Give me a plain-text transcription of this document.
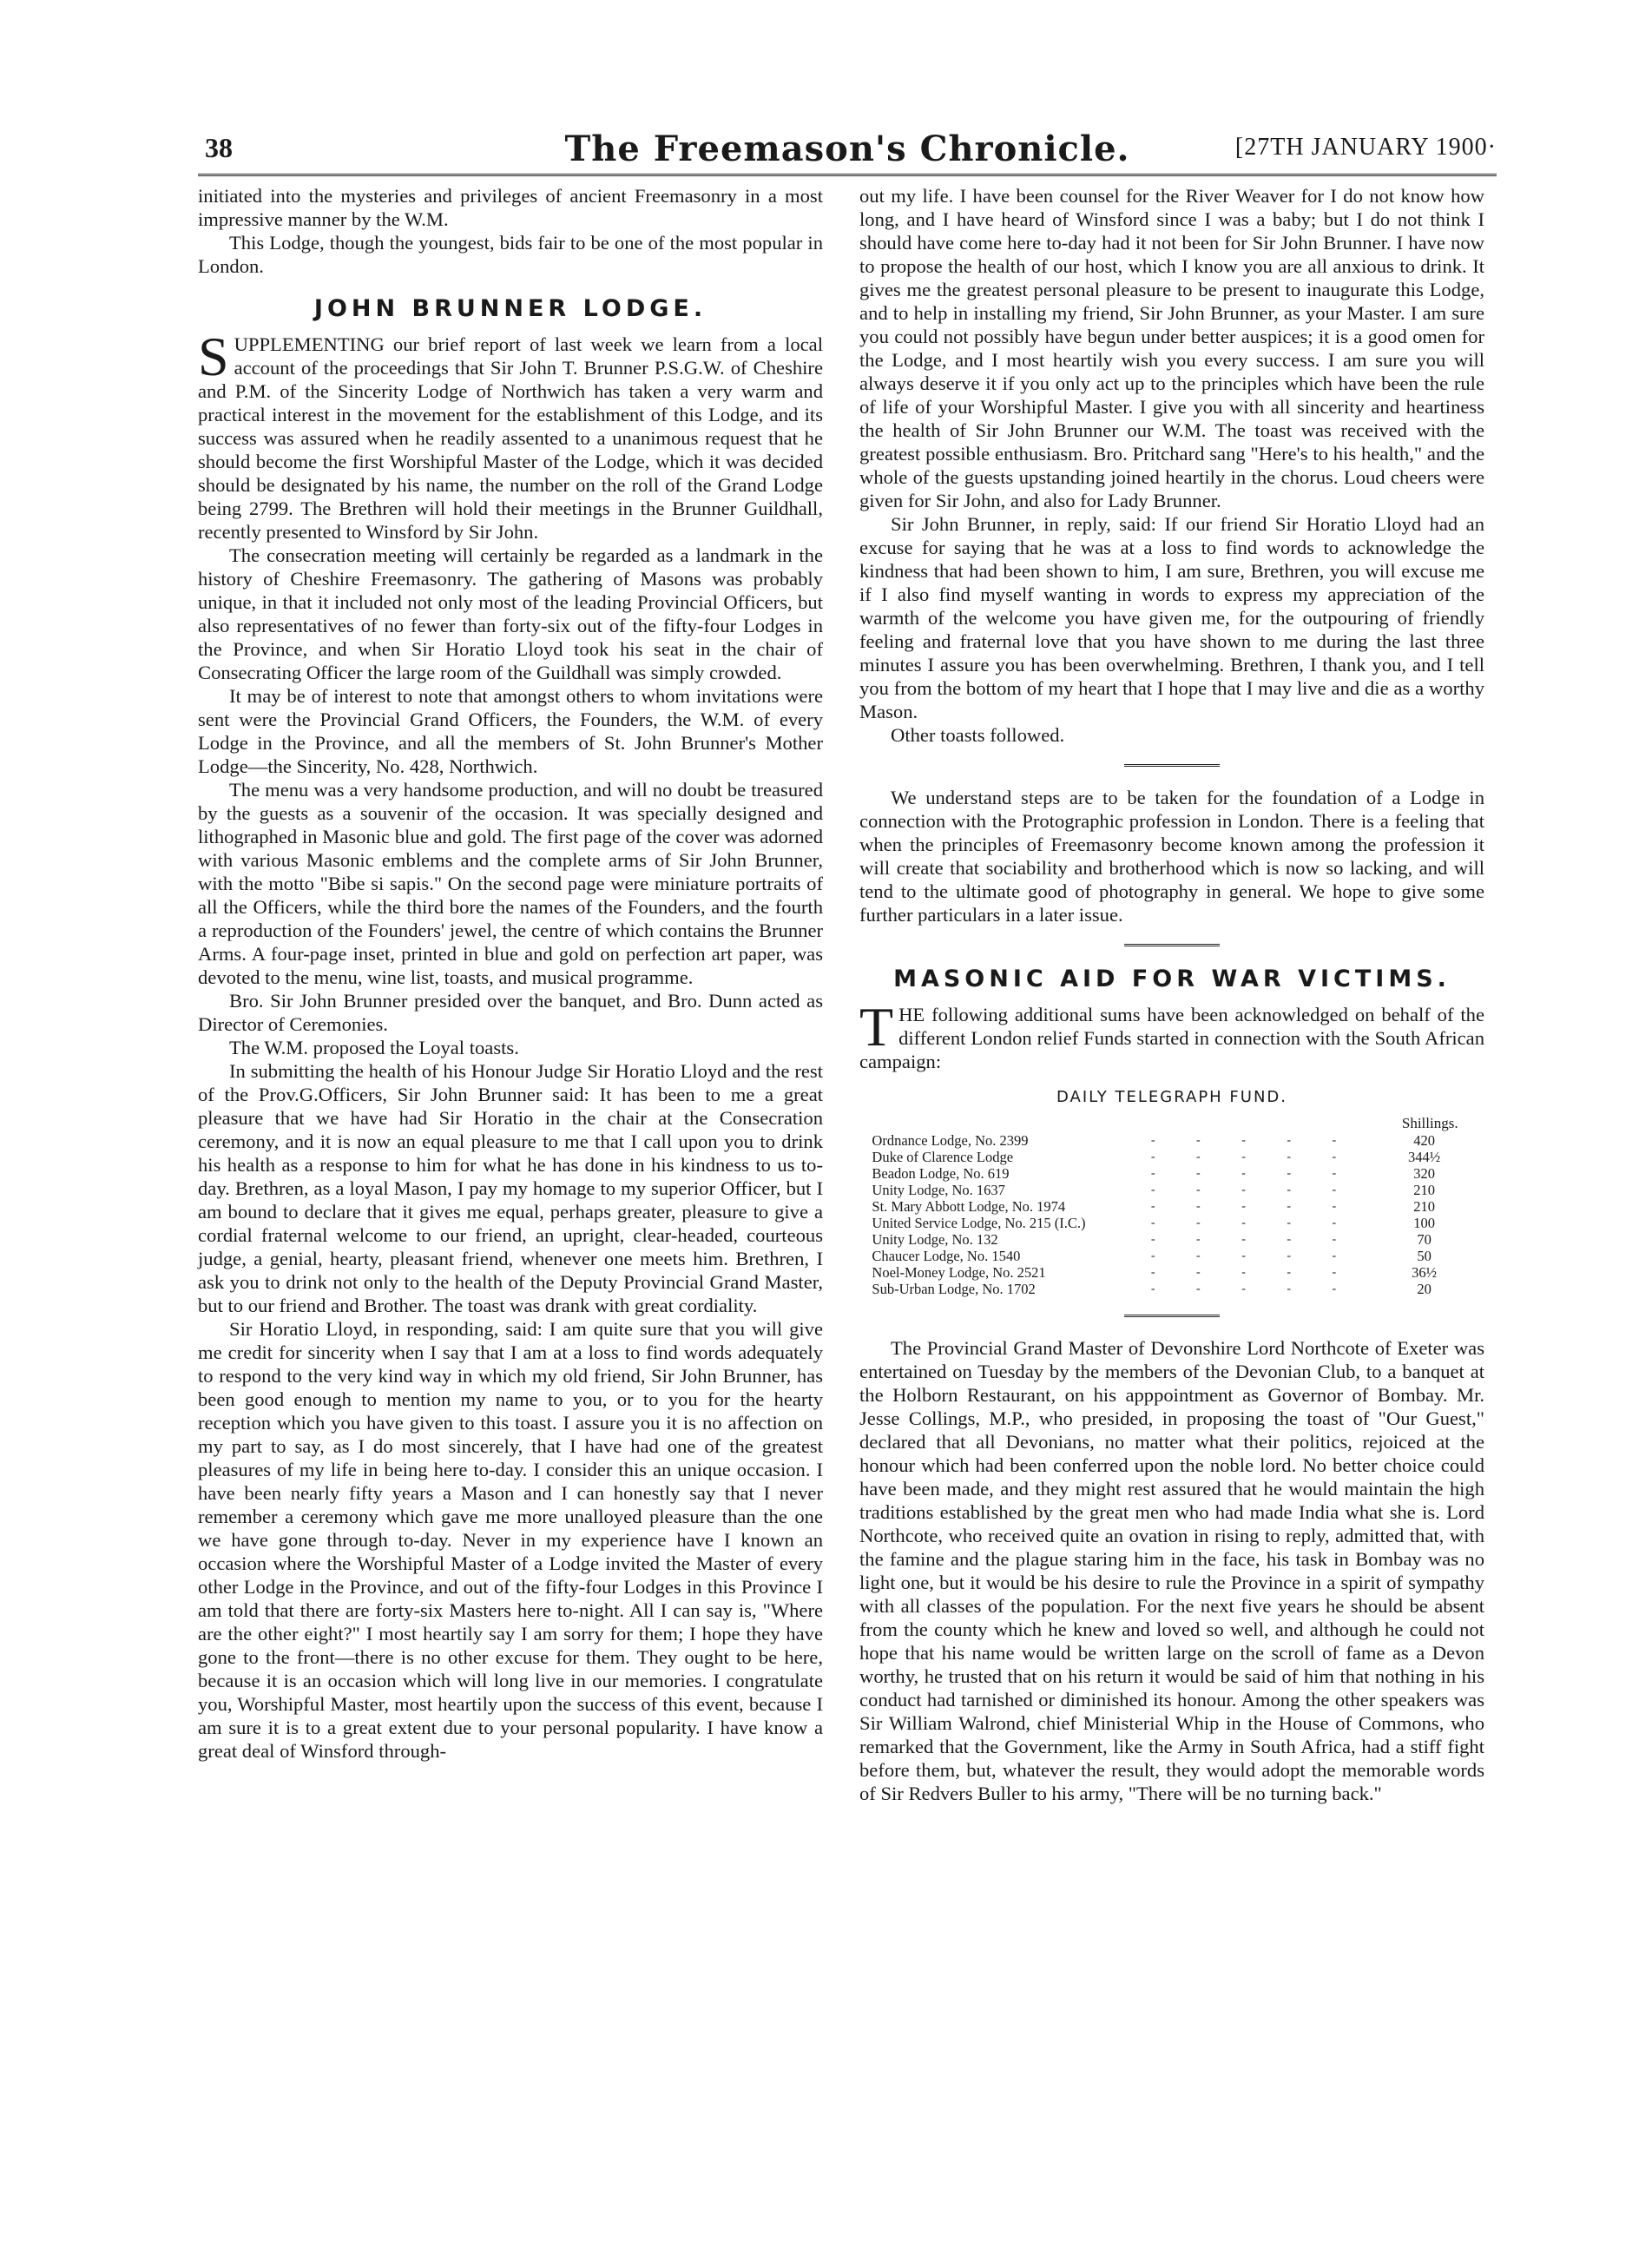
38	The Freemason's Chronicle.	[27TH JANUARY 1900·

initiated into the mysteries and privileges of ancient Freemasonry in a most impressive manner by the W.M.

This Lodge, though the youngest, bids fair to be one of the most popular in London.

JOHN BRUNNER LODGE.

SUPPLEMENTING our brief report of last week we learn from a local account of the proceedings that Sir John T. Brunner P.S.G.W. of Cheshire and P.M. of the Sincerity Lodge of Northwich has taken a very warm and practical interest in the movement for the establishment of this Lodge, and its success was assured when he readily assented to a unanimous request that he should become the first Worshipful Master of the Lodge, which it was decided should be designated by his name, the number on the roll of the Grand Lodge being 2799. The Brethren will hold their meetings in the Brunner Guildhall, recently presented to Winsford by Sir John.

The consecration meeting will certainly be regarded as a landmark in the history of Cheshire Freemasonry. The gathering of Masons was probably unique, in that it included not only most of the leading Provincial Officers, but also representatives of no fewer than forty-six out of the fifty-four Lodges in the Province, and when Sir Horatio Lloyd took his seat in the chair of Consecrating Officer the large room of the Guildhall was simply crowded.

It may be of interest to note that amongst others to whom invitations were sent were the Provincial Grand Officers, the Founders, the W.M. of every Lodge in the Province, and all the members of St. John Brunner's Mother Lodge—the Sincerity, No. 428, Northwich.

The menu was a very handsome production, and will no doubt be treasured by the guests as a souvenir of the occasion. It was specially designed and lithographed in Masonic blue and gold. The first page of the cover was adorned with various Masonic emblems and the complete arms of Sir John Brunner, with the motto "Bibe si sapis." On the second page were miniature portraits of all the Officers, while the third bore the names of the Founders, and the fourth a reproduction of the Founders' jewel, the centre of which contains the Brunner Arms. A four-page inset, printed in blue and gold on perfection art paper, was devoted to the menu, wine list, toasts, and musical programme.

Bro. Sir John Brunner presided over the banquet, and Bro. Dunn acted as Director of Ceremonies.

The W.M. proposed the Loyal toasts.

In submitting the health of his Honour Judge Sir Horatio Lloyd and the rest of the Prov.G.Officers, Sir John Brunner said: It has been to me a great pleasure that we have had Sir Horatio in the chair at the Consecration ceremony, and it is now an equal pleasure to me that I call upon you to drink his health as a response to him for what he has done in his kindness to us to-day. Brethren, as a loyal Mason, I pay my homage to my superior Officer, but I am bound to declare that it gives me equal, perhaps greater, pleasure to give a cordial fraternal welcome to our friend, an upright, clear-headed, courteous judge, a genial, hearty, pleasant friend, whenever one meets him. Brethren, I ask you to drink not only to the health of the Deputy Provincial Grand Master, but to our friend and Brother. The toast was drank with great cordiality.

Sir Horatio Lloyd, in responding, said: I am quite sure that you will give me credit for sincerity when I say that I am at a loss to find words adequately to respond to the very kind way in which my old friend, Sir John Brunner, has been good enough to mention my name to you, or to you for the hearty reception which you have given to this toast. I assure you it is no affection on my part to say, as I do most sincerely, that I have had one of the greatest pleasures of my life in being here to-day. I consider this an unique occasion. I have been nearly fifty years a Mason and I can honestly say that I never remember a ceremony which gave me more unalloyed pleasure than the one we have gone through to-day. Never in my experience have I known an occasion where the Worshipful Master of a Lodge invited the Master of every other Lodge in the Province, and out of the fifty-four Lodges in this Province I am told that there are forty-six Masters here to-night. All I can say is, "Where are the other eight?" I most heartily say I am sorry for them; I hope they have gone to the front—there is no other excuse for them. They ought to be here, because it is an occasion which will long live in our memories. I congratulate you, Worshipful Master, most heartily upon the success of this event, because I am sure it is to a great extent due to your personal popularity. I have know a great deal of Winsford through-

out my life. I have been counsel for the River Weaver for I do not know how long, and I have heard of Winsford since I was a baby; but I do not think I should have come here to-day had it not been for Sir John Brunner. I have now to propose the health of our host, which I know you are all anxious to drink. It gives me the greatest personal pleasure to be present to inaugurate this Lodge, and to help in installing my friend, Sir John Brunner, as your Master. I am sure you could not possibly have begun under better auspices; it is a good omen for the Lodge, and I most heartily wish you every success. I am sure you will always deserve it if you only act up to the principles which have been the rule of life of your Worshipful Master. I give you with all sincerity and heartiness the health of Sir John Brunner our W.M. The toast was received with the greatest possible enthusiasm. Bro. Pritchard sang "Here's to his health," and the whole of the guests upstanding joined heartily in the chorus. Loud cheers were given for Sir John, and also for Lady Brunner.

Sir John Brunner, in reply, said: If our friend Sir Horatio Lloyd had an excuse for saying that he was at a loss to find words to acknowledge the kindness that had been shown to him, I am sure, Brethren, you will excuse me if I also find myself wanting in words to express my appreciation of the warmth of the welcome you have given me, for the outpouring of friendly feeling and fraternal love that you have shown to me during the last three minutes I assure you has been overwhelming. Brethren, I thank you, and I tell you from the bottom of my heart that I hope that I may live and die as a worthy Mason.

Other toasts followed.

We understand steps are to be taken for the foundation of a Lodge in connection with the Protographic profession in London. There is a feeling that when the principles of Freemasonry become known among the profession it will create that sociability and brotherhood which is now so lacking, and will tend to the ultimate good of photography in general. We hope to give some further particulars in a later issue.

MASONIC AID FOR WAR VICTIMS.

THE following additional sums have been acknowledged on behalf of the different London relief Funds started in connection with the South African campaign:

DAILY TELEGRAPH FUND.
		Shillings.
Ordnance Lodge, No. 2399	- - - - -	420
Duke of Clarence Lodge	- - - - -	344½
Beadon Lodge, No. 619	- - - - -	320
Unity Lodge, No. 1637	- - - - -	210
St. Mary Abbott Lodge, No. 1974	- - - - -	210
United Service Lodge, No. 215 (I.C.)	- - - - -	100
Unity Lodge, No. 132	- - - - -	70
Chaucer Lodge, No. 1540	- - - - -	50
Noel-Money Lodge, No. 2521	- - - - -	36½
Sub-Urban Lodge, No. 1702	- - - - -	20

The Provincial Grand Master of Devonshire Lord Northcote of Exeter was entertained on Tuesday by the members of the Devonian Club, to a banquet at the Holborn Restaurant, on his apppointment as Governor of Bombay. Mr. Jesse Collings, M.P., who presided, in proposing the toast of "Our Guest," declared that all Devonians, no matter what their politics, rejoiced at the honour which had been conferred upon the noble lord. No better choice could have been made, and they might rest assured that he would maintain the high traditions established by the great men who had made India what she is. Lord Northcote, who received quite an ovation in rising to reply, admitted that, with the famine and the plague staring him in the face, his task in Bombay was no light one, but it would be his desire to rule the Province in a spirit of sympathy with all classes of the population. For the next five years he should be absent from the county which he knew and loved so well, and although he could not hope that his name would be written large on the scroll of fame as a Devon worthy, he trusted that on his return it would be said of him that nothing in his conduct had tarnished or diminished its honour. Among the other speakers was Sir William Walrond, chief Ministerial Whip in the House of Commons, who remarked that the Government, like the Army in South Africa, had a stiff fight before them, but, whatever the result, they would adopt the memorable words of Sir Redvers Buller to his army, "There will be no turning back."
